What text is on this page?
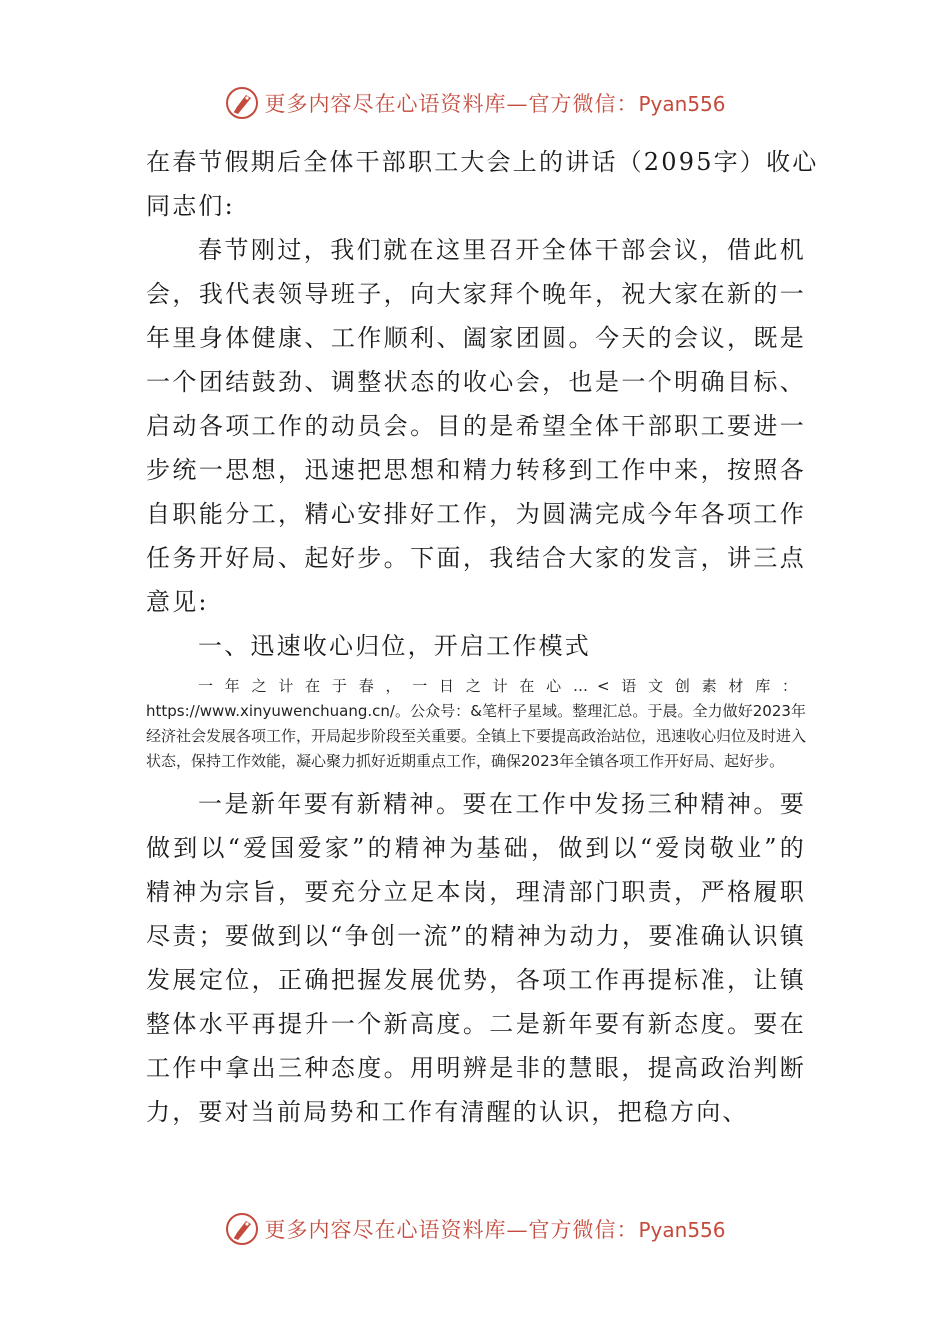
更多内容尽在心语资料库—官方微信：Pyan556

在春节假期后全体干部职工大会上的讲话（2095字）收心

同志们:

春节刚过，我们就在这里召开全体干部会议，借此机会，我代表领导班子，向大家拜个晚年，祝大家在新的一年里身体健康、工作顺利、阖家团圆。今天的会议，既是一个团结鼓劲、调整状态的收心会，也是一个明确目标、启动各项工作的动员会。目的是希望全体干部职工要进一步统一思想，迅速把思想和精力转移到工作中来，按照各自职能分工，精心安排好工作，为圆满完成今年各项工作任务开好局、起好步。下面，我结合大家的发言，讲三点意见:

一、迅速收心归位，开启工作模式

一年之计在于春，一日之计在心…<语文创素材库：https://www.xinyuwenchuang.cn/。公众号：&笔杆子星域。整理汇总。于晨。全力做好2023年经济社会发展各项工作，开局起步阶段至关重要。全镇上下要提高政治站位，迅速收心归位及时进入状态，保持工作效能，凝心聚力抓好近期重点工作，确保2023年全镇各项工作开好局、起好步。

一是新年要有新精神。要在工作中发扬三种精神。要做到以“爱国爱家”的精神为基础，做到以“爱岗敬业”的精神为宗旨，要充分立足本岗，理清部门职责，严格履职尽责；要做到以“争创一流”的精神为动力，要准确认识镇发展定位，正确把握发展优势，各项工作再提标准，让镇整体水平再提升一个新高度。二是新年要有新态度。要在工作中拿出三种态度。用明辨是非的慧眼，提高政治判断力，要对当前局势和工作有清醒的认识，把稳方向、

更多内容尽在心语资料库—官方微信：Pyan556
